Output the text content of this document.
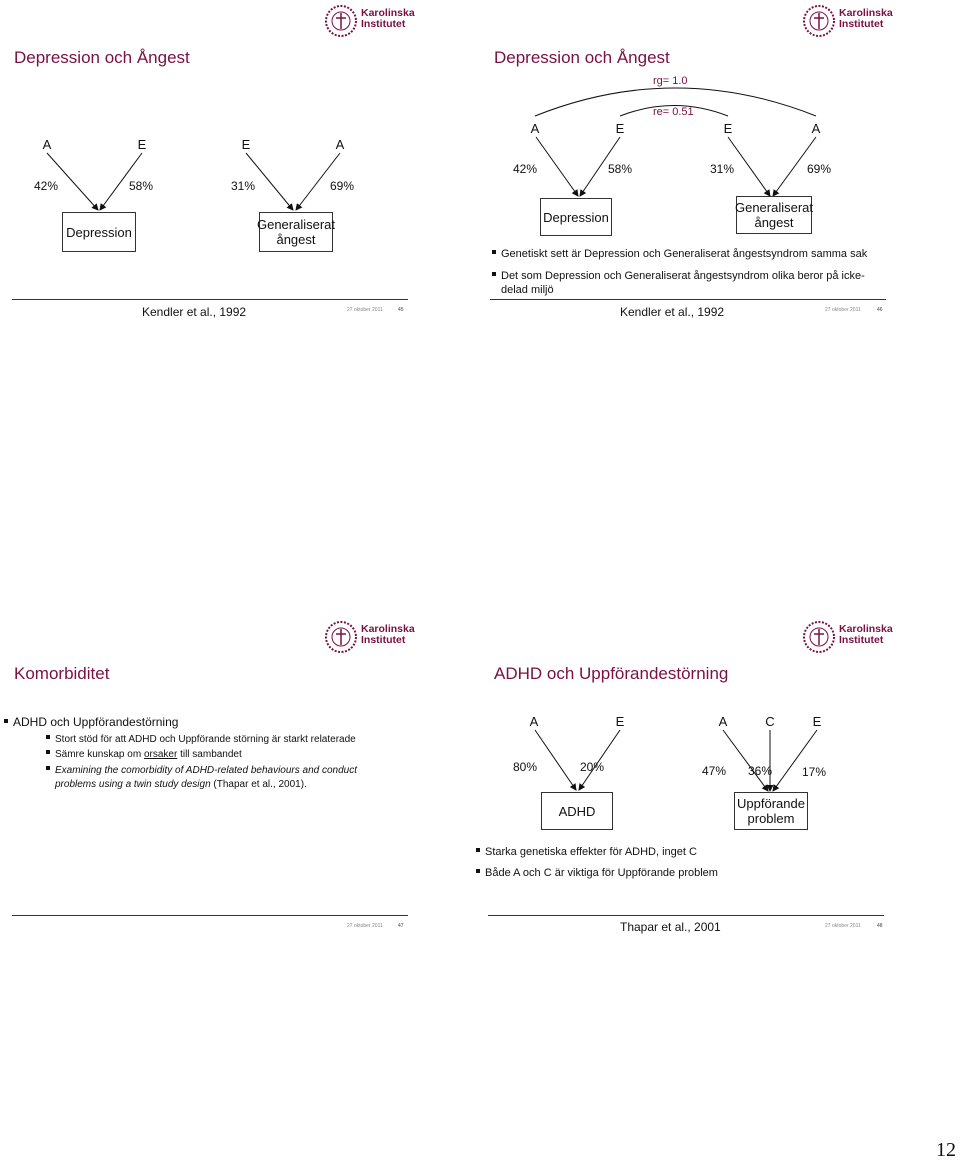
Karolinska
Institutet
Depression och Ångest
A	E	E	A
42%	58%	31%	69%
Depression	Generaliserat
ångest
Kendler et al., 1992	27 oktober 2011	45
Karolinska
Institutet
Depression och Ångest
rg= 1.0
re= 0.51
A	E	E	A
42%	58%	31%	69%
Depression
Generaliserat
ångest
Genetiskt sett är Depression och Generaliserat ångestsyndrom samma sak
Det som Depression och Generaliserat ångestsyndrom olika beror på icke-
delad miljö
Kendler et al., 1992	27 oktober 2011	46
Karolinska
Institutet
Komorbiditet
ADHD och Uppförandestörning
Stort stöd för att ADHD och Uppförande störning är starkt relaterade
Sämre kunskap om orsaker till sambandet
Examining the comorbidity of ADHD-related behaviours and conduct
problems using a twin study design (Thapar et al., 2001).
27 oktober 2011	47
Karolinska
Institutet
ADHD och Uppförandestörning
A	E	A	C	E
80%	20%	47% 36% 17%
ADHD	Uppförande
problem
Starka genetiska effekter för ADHD, inget C
Både A och C är viktiga för Uppförande problem
Thapar et al., 2001	27 oktober 2011	48
12
